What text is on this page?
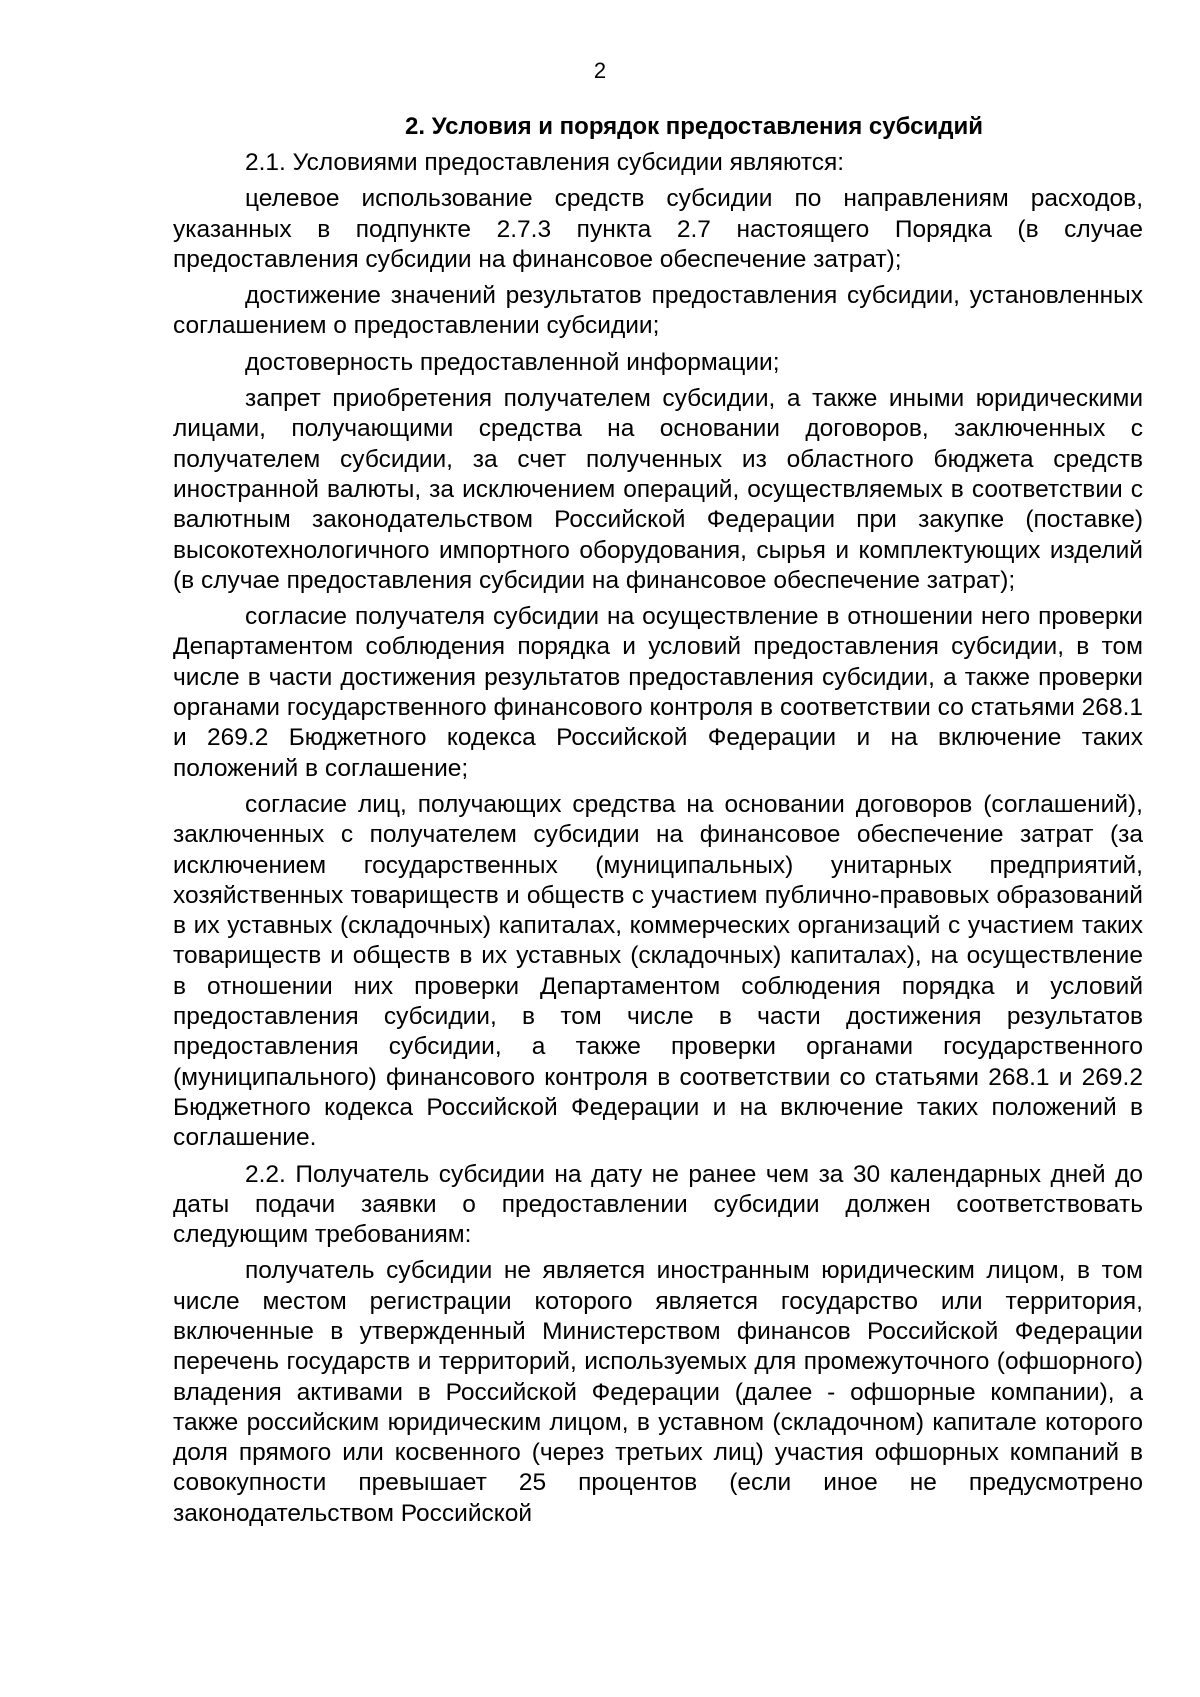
2
2. Условия и порядок предоставления субсидий

2.1. Условиями предоставления субсидии являются:

целевое использование средств субсидии по направлениям расходов, указанных в подпункте 2.7.3 пункта 2.7 настоящего Порядка (в случае предоставления субсидии на финансовое обеспечение затрат);

достижение значений результатов предоставления субсидии, установленных соглашением о предоставлении субсидии;

достоверность предоставленной информации;

запрет приобретения получателем субсидии, а также иными юридическими лицами, получающими средства на основании договоров, заключенных с получателем субсидии, за счет полученных из областного бюджета средств иностранной валюты, за исключением операций, осуществляемых в соответствии с валютным законодательством Российской Федерации при закупке (поставке) высокотехнологичного импортного оборудования, сырья и комплектующих изделий (в случае предоставления субсидии на финансовое обеспечение затрат);

согласие получателя субсидии на осуществление в отношении него проверки Департаментом соблюдения порядка и условий предоставления субсидии, в том числе в части достижения результатов предоставления субсидии, а также проверки органами государственного финансового контроля в соответствии со статьями 268.1 и 269.2 Бюджетного кодекса Российской Федерации и на включение таких положений в соглашение;

согласие лиц, получающих средства на основании договоров (соглашений), заключенных с получателем субсидии на финансовое обеспечение затрат (за исключением государственных (муниципальных) унитарных предприятий, хозяйственных товариществ и обществ с участием публично-правовых образований в их уставных (складочных) капиталах, коммерческих организаций с участием таких товариществ и обществ в их уставных (складочных) капиталах), на осуществление в отношении них проверки Департаментом соблюдения порядка и условий предоставления субсидии, в том числе в части достижения результатов предоставления субсидии, а также проверки органами государственного (муниципального) финансового контроля в соответствии со статьями 268.1 и 269.2 Бюджетного кодекса Российской Федерации и на включение таких положений в соглашение.

2.2. Получатель субсидии на дату не ранее чем за 30 календарных дней до даты подачи заявки о предоставлении субсидии должен соответствовать следующим требованиям:

получатель субсидии не является иностранным юридическим лицом, в том числе местом регистрации которого является государство или территория, включенные в утвержденный Министерством финансов Российской Федерации перечень государств и территорий, используемых для промежуточного (офшорного) владения активами в Российской Федерации (далее - офшорные компании), а также российским юридическим лицом, в уставном (складочном) капитале которого доля прямого или косвенного (через третьих лиц) участия офшорных компаний в совокупности превышает 25 процентов (если иное не предусмотрено законодательством Российской
